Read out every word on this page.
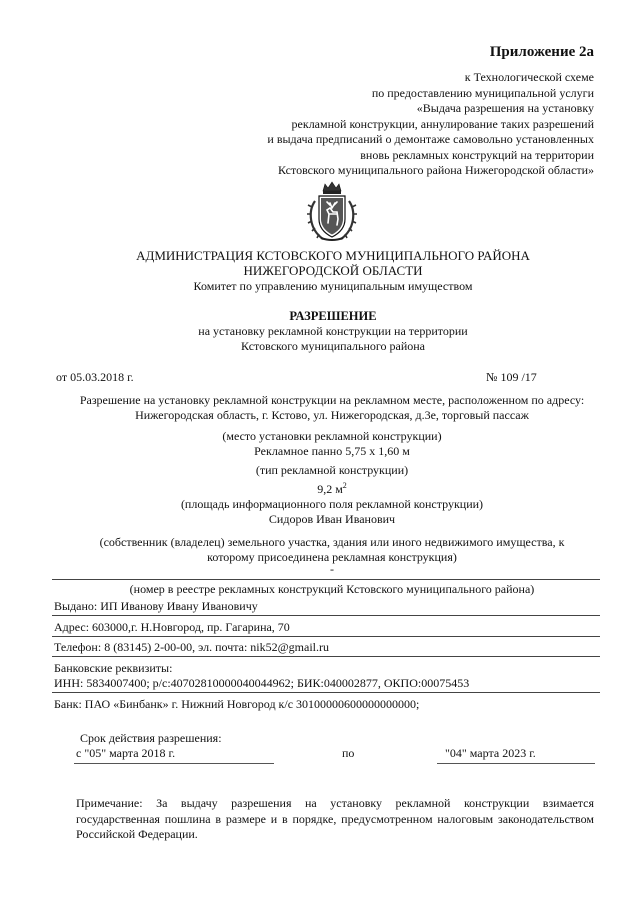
Приложение 2а
к Технологической схеме
по предоставлению муниципальной услуги
«Выдача разрешения на установку
рекламной конструкции, аннулирование таких разрешений
и выдача предписаний о демонтаже самовольно установленных
вновь рекламных конструкций на территории
Кстовского муниципального района Нижегородской области»
АДМИНИСТРАЦИЯ КСТОВСКОГО МУНИЦИПАЛЬНОГО РАЙОНА
НИЖЕГОРОДСКОЙ ОБЛАСТИ
Комитет по управлению муниципальным имуществом
РАЗРЕШЕНИЕ
на установку рекламной конструкции на территории
Кстовского муниципального района
от 05.03.2018 г.	№ 109 /17
Разрешение на установку рекламной конструкции на рекламном месте, расположенном по адресу:
Нижегородская область, г. Кстово, ул. Нижегородская, д.3е, торговый пассаж
(место установки рекламной конструкции)
Рекламное панно 5,75 х 1,60 м
(тип рекламной конструкции)
9,2 $м^2$
(площадь информационного поля рекламной конструкции)
Сидоров Иван Иванович
(собственник (владелец) земельного участка, здания или иного недвижимого имущества, к
которому присоединена рекламная конструкция)
-
(номер в реестре рекламных конструкций Кстовского муниципального района)
Выдано: ИП Иванову Ивану Ивановичу
Адрес: 603000,г. Н.Новгород, пр. Гагарина, 70
Телефон: 8 (83145) 2-00-00, эл. почта: nik52@gmail.ru
Банковские реквизиты:
ИНН: 5834007400; р/с:40702810000040044962; БИК:040002877, ОКПО:00075453
Банк: ПАО «Бинбанк» г. Нижний Новгород к/с 30100000600000000000;
Срок действия разрешения:
с "05" марта 2018 г.	по	"04" марта 2023 г.
Примечание: За выдачу разрешения на установку рекламной конструкции взимается государственная пошлина в размере и в порядке, предусмотренном налоговым законодательством Российской Федерации.
